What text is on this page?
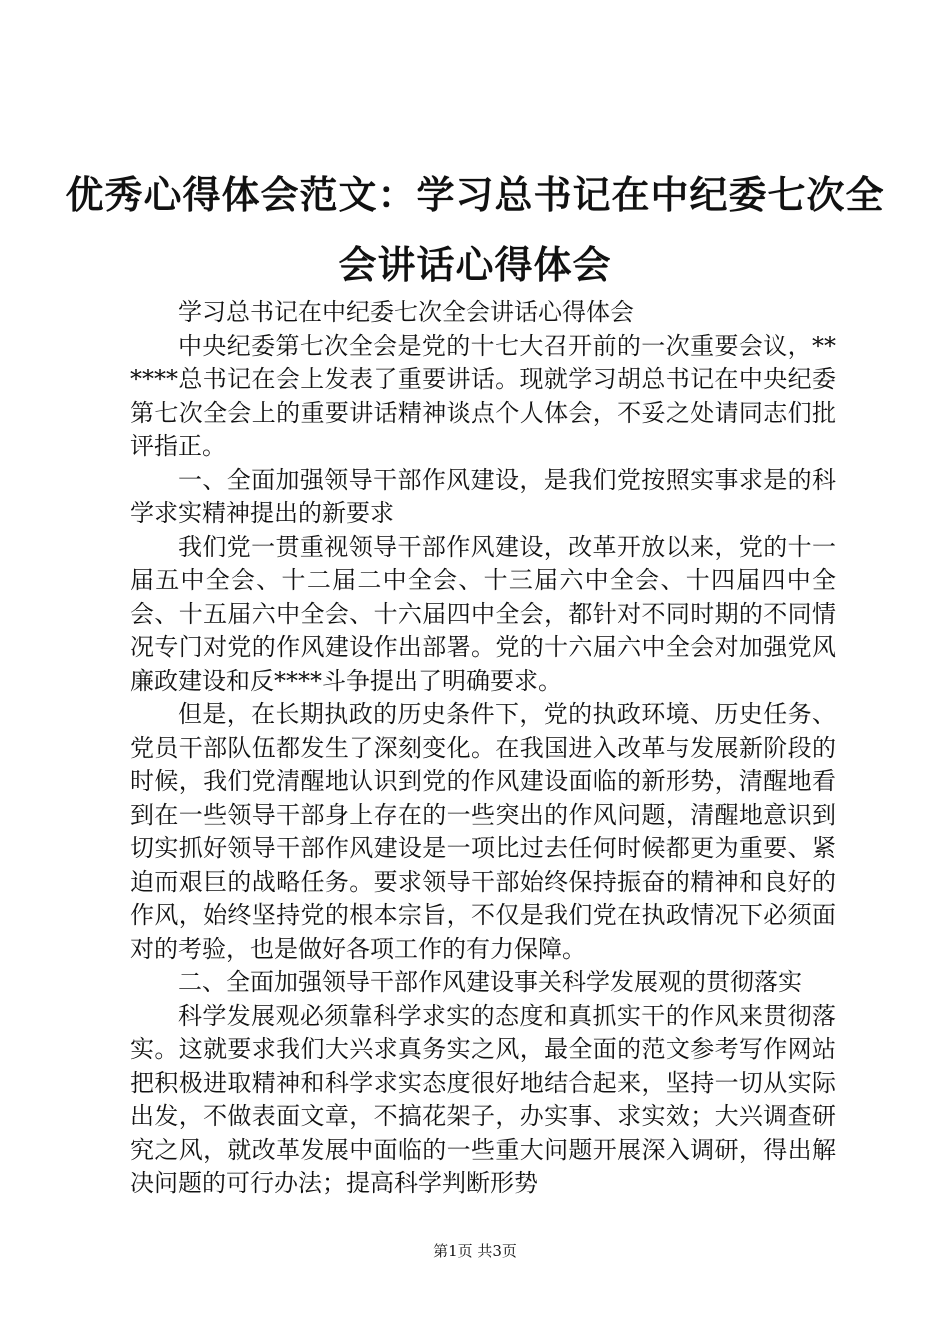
优秀心得体会范文：学习总书记在中纪委七次全会讲话心得体会

学习总书记在中纪委七次全会讲话心得体会

中央纪委第七次全会是党的十七大召开前的一次重要会议，******总书记在会上发表了重要讲话。现就学习胡总书记在中央纪委第七次全会上的重要讲话精神谈点个人体会，不妥之处请同志们批评指正。

一、全面加强领导干部作风建设，是我们党按照实事求是的科学求实精神提出的新要求

我们党一贯重视领导干部作风建设，改革开放以来，党的十一届五中全会、十二届二中全会、十三届六中全会、十四届四中全会、十五届六中全会、十六届四中全会，都针对不同时期的不同情况专门对党的作风建设作出部署。党的十六届六中全会对加强党风廉政建设和反****斗争提出了明确要求。

但是，在长期执政的历史条件下，党的执政环境、历史任务、党员干部队伍都发生了深刻变化。在我国进入改革与发展新阶段的时候，我们党清醒地认识到党的作风建设面临的新形势，清醒地看到在一些领导干部身上存在的一些突出的作风问题，清醒地意识到切实抓好领导干部作风建设是一项比过去任何时候都更为重要、紧迫而艰巨的战略任务。要求领导干部始终保持振奋的精神和良好的作风，始终坚持党的根本宗旨，不仅是我们党在执政情况下必须面对的考验，也是做好各项工作的有力保障。

二、全面加强领导干部作风建设事关科学发展观的贯彻落实

科学发展观必须靠科学求实的态度和真抓实干的作风来贯彻落实。这就要求我们大兴求真务实之风，最全面的范文参考写作网站把积极进取精神和科学求实态度很好地结合起来，坚持一切从实际出发，不做表面文章，不搞花架子，办实事、求实效；大兴调查研究之风，就改革发展中面临的一些重大问题开展深入调研，得出解决问题的可行办法；提高科学判断形势

第1页 共3页
